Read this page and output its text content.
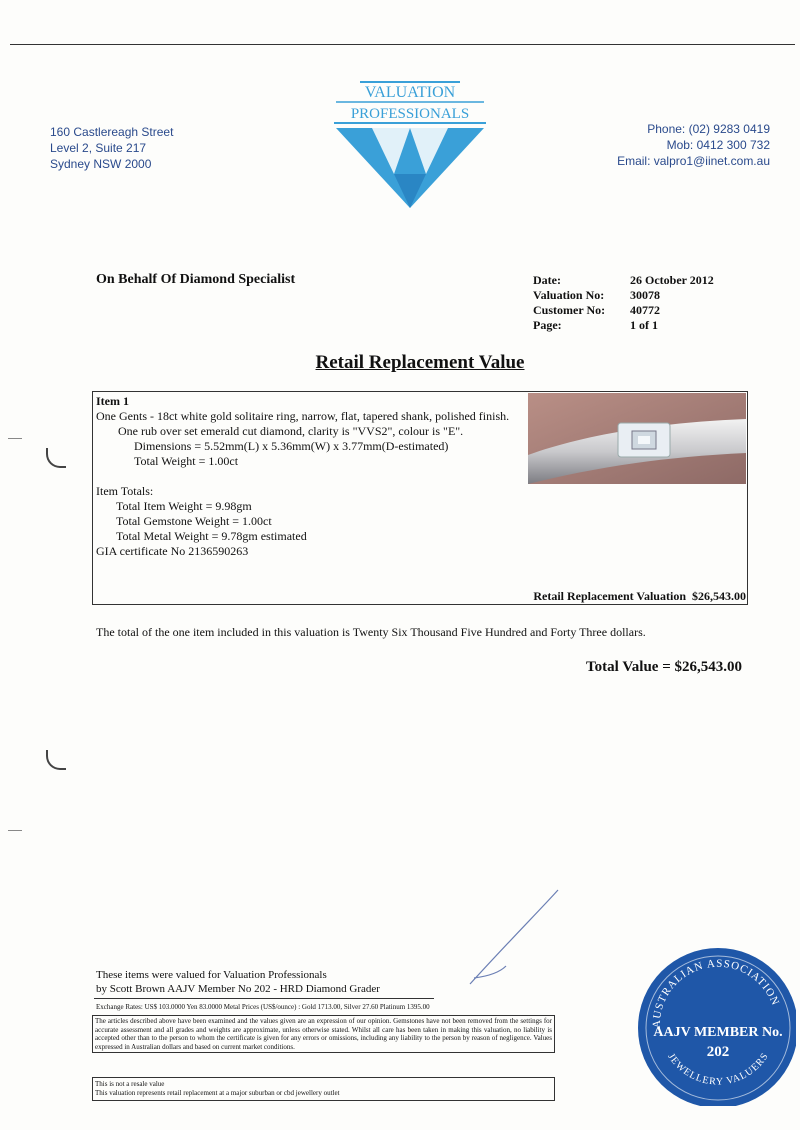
160 Castlereagh Street
Level 2, Suite 217
Sydney NSW 2000
VALUATION
PROFESSIONALS
Phone: (02) 9283 0419
Mob: 0412 300 732
Email: valpro1@iinet.com.au
On Behalf Of Diamond Specialist	Date:	26 October 2012
Valuation No:	30078
Customer No:	40772
Page:	1 of 1
Retail Replacement Value
Item 1
One Gents - 18ct white gold solitaire ring, narrow, flat, tapered shank, polished finish.
One rub over set emerald cut diamond, clarity is "VVS2", colour is "E".
Dimensions = 5.52mm(L) x 5.36mm(W) x 3.77mm(D-estimated)
Total Weight = 1.00ct
Item Totals:
Total Item Weight = 9.98gm
Total Gemstone Weight = 1.00ct
Total Metal Weight = 9.78gm estimated
GIA certificate No 2136590263
Retail Replacement Valuation $26,543.00
The total of the one item included in this valuation is Twenty Six Thousand Five Hundred and Forty Three dollars.
Total Value = $26,543.00
These items were valued for Valuation Professionals
by Scott Brown AAJV Member No 202 - HRD Diamond Grader
Exchange Rates: US$ 103.0000 Yen 83.0000 Metal Prices (US$/ounce) : Gold 1713.00, Silver 27.60 Platinum 1395.00
The articles described above have been examined and the values given are an expression of our opinion. Gemstones have not been removed from the settings for accurate assessment and all grades and weights are approximate, unless otherwise stated. Whilst all care has been taken in making this valuation, no liability is accepted other than to the person to whom the certificate is given for any errors or omissions, including any liability to the person by reason of negligence. Values expressed in Australian dollars and based on current market conditions.
This is not a resale value
This valuation represents retail replacement at a major suburban or cbd jewellery outlet
AUSTRALIAN ASSOCIATION
JEWELLERY VALUERS
AAJV MEMBER No.
202
